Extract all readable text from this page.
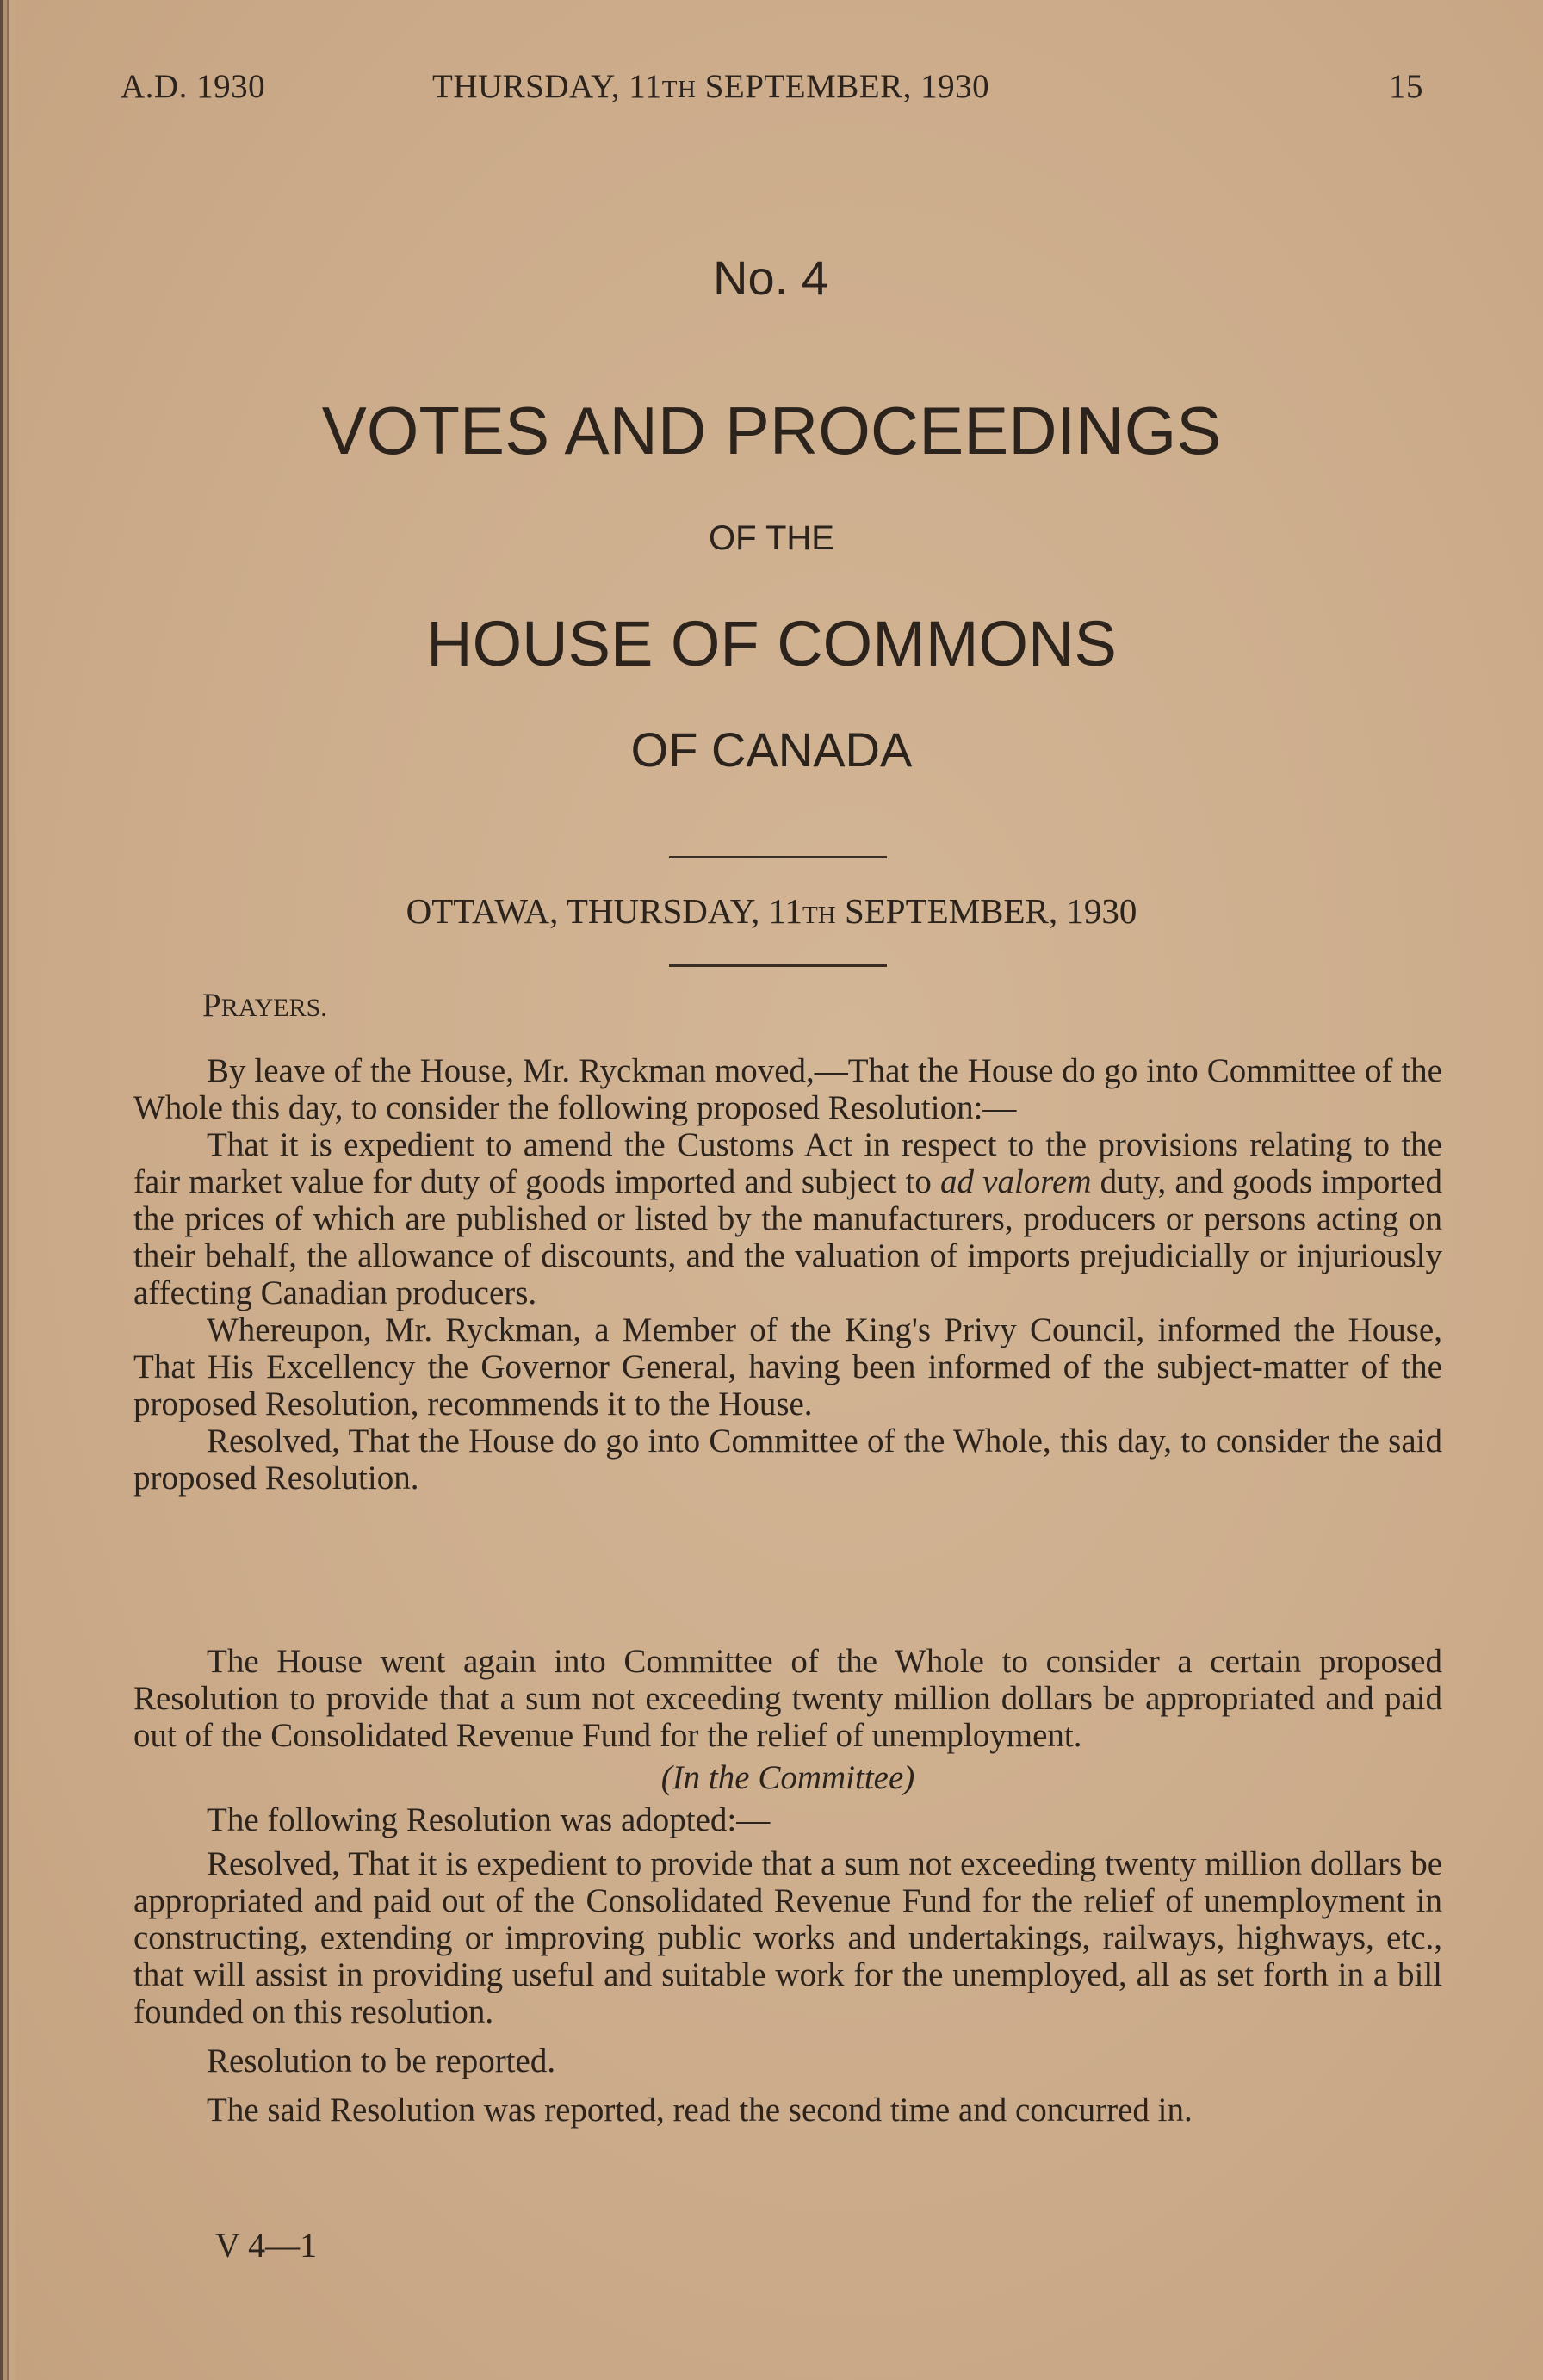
A.D. 1930	THURSDAY, 11TH SEPTEMBER, 1930	15
No. 4
VOTES AND PROCEEDINGS
OF THE
HOUSE OF COMMONS
OF CANADA
OTTAWA, THURSDAY, 11TH SEPTEMBER, 1930
PRAYERS.

By leave of the House, Mr. Ryckman moved,—That the House do go into Committee of the Whole this day, to consider the following proposed Resolution:—

That it is expedient to amend the Customs Act in respect to the provisions relating to the fair market value for duty of goods imported and subject to ad valorem duty, and goods imported the prices of which are published or listed by the manufacturers, producers or persons acting on their behalf, the allowance of discounts, and the valuation of imports prejudicially or injuriously affecting Canadian producers.

Whereupon, Mr. Ryckman, a Member of the King's Privy Council, informed the House, That His Excellency the Governor General, having been informed of the subject-matter of the proposed Resolution, recommends it to the House.

Resolved, That the House do go into Committee of the Whole, this day, to consider the said proposed Resolution.

The House went again into Committee of the Whole to consider a certain proposed Resolution to provide that a sum not exceeding twenty million dollars be appropriated and paid out of the Consolidated Revenue Fund for the relief of unemployment.

(In the Committee)

The following Resolution was adopted:—

Resolved, That it is expedient to provide that a sum not exceeding twenty million dollars be appropriated and paid out of the Consolidated Revenue Fund for the relief of unemployment in constructing, extending or improving public works and undertakings, railways, highways, etc., that will assist in providing useful and suitable work for the unemployed, all as set forth in a bill founded on this resolution.

Resolution to be reported.

The said Resolution was reported, read the second time and concurred in.

V 4—1
